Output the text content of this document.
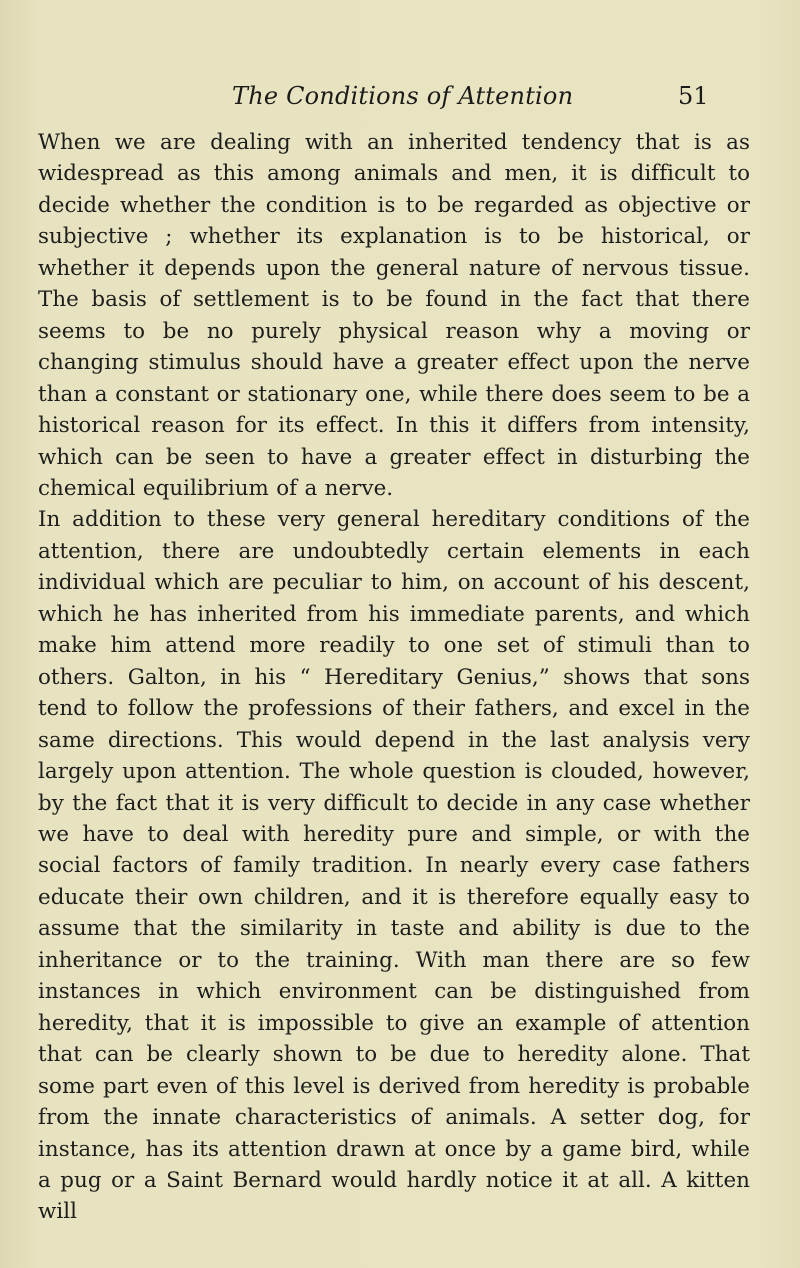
The Conditions of Attention	51

When we are dealing with an inherited tendency that is as widespread as this among animals and men, it is difficult to decide whether the condition is to be regarded as objective or subjective ; whether its explanation is to be historical, or whether it depends upon the general nature of nervous tissue. The basis of settlement is to be found in the fact that there seems to be no purely physical reason why a moving or changing stimulus should have a greater effect upon the nerve than a constant or stationary one, while there does seem to be a historical reason for its effect. In this it differs from intensity, which can be seen to have a greater effect in disturbing the chemical equilibrium of a nerve.

In addition to these very general hereditary conditions of the attention, there are undoubtedly certain elements in each individual which are peculiar to him, on account of his descent, which he has inherited from his immediate parents, and which make him attend more readily to one set of stimuli than to others. Galton, in his “ Hereditary Genius,” shows that sons tend to follow the professions of their fathers, and excel in the same directions. This would depend in the last analysis very largely upon attention. The whole question is clouded, however, by the fact that it is very difficult to decide in any case whether we have to deal with heredity pure and simple, or with the social factors of family tradition. In nearly every case fathers educate their own children, and it is therefore equally easy to assume that the similarity in taste and ability is due to the inheritance or to the training. With man there are so few instances in which environment can be distinguished from heredity, that it is impossible to give an example of attention that can be clearly shown to be due to heredity alone. That some part even of this level is derived from heredity is probable from the innate characteristics of animals. A setter dog, for instance, has its attention drawn at once by a game bird, while a pug or a Saint Bernard would hardly notice it at all. A kitten will
